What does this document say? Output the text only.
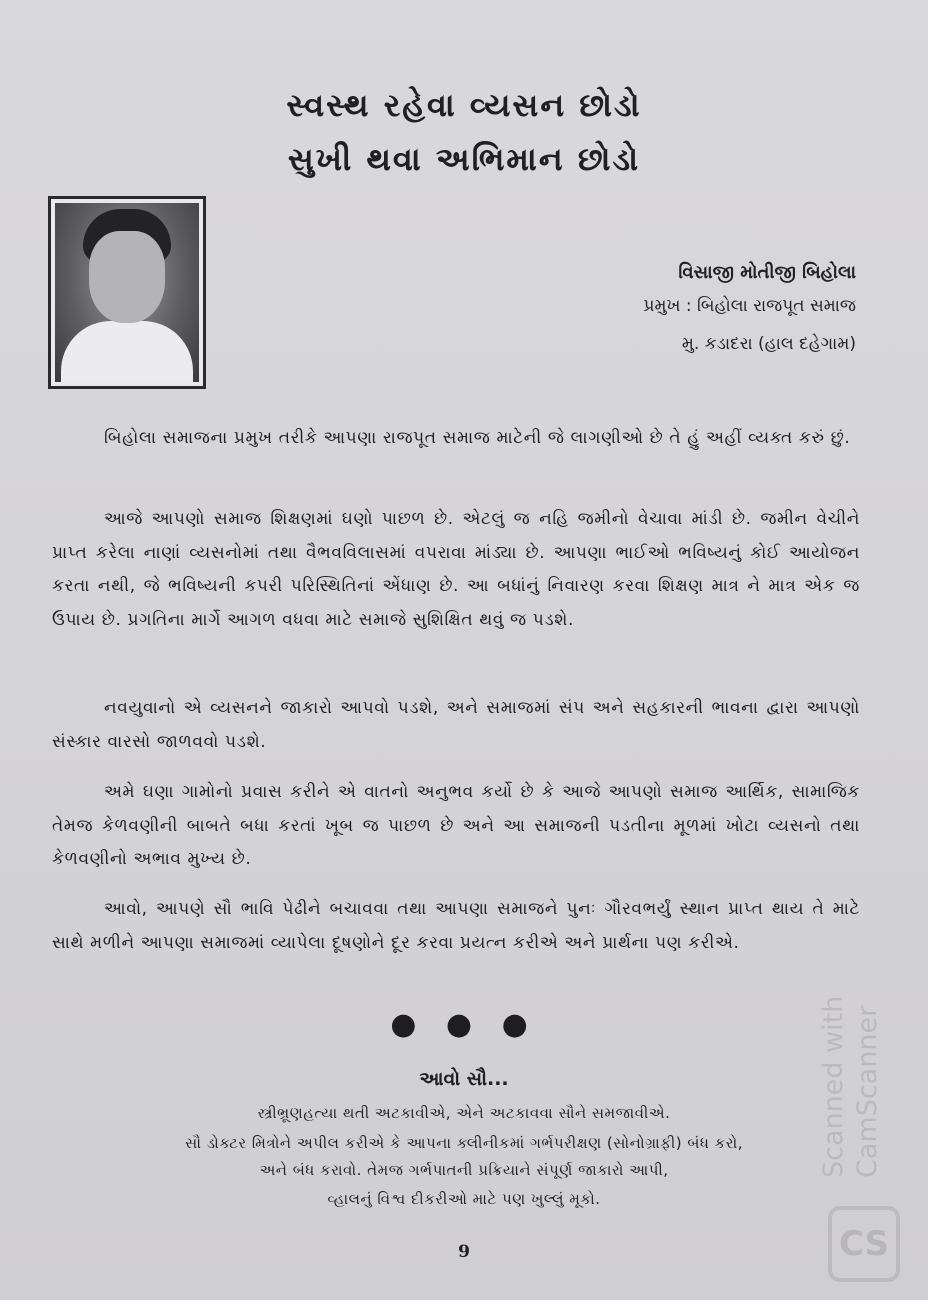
સ્વસ્થ રહેવા વ્યસન છોડો
સુખી થવા અભિમાન છોડો
વિસાજી મોતીજી બિહોલા
પ્રમુખ : બિહોલા રાજપૂત સમાજ
મુ. કડાદરા (હાલ દહેગામ)

બિહોલા સમાજના પ્રમુખ તરીકે આપણા રાજપૂત સમાજ માટેની જે લાગણીઓ છે તે હું અહીં વ્યક્ત કરું છું.

આજે આપણો સમાજ શિક્ષણમાં ઘણો પાછળ છે. એટલું જ નહિ જમીનો વેચાવા માંડી છે. જમીન વેચીને પ્રાપ્ત કરેલા નાણાં વ્યસનોમાં તથા વૈભવવિલાસમાં વપરાવા માંડ્યા છે. આપણા ભાઈઓ ભવિષ્યનું કોઈ આયોજન કરતા નથી, જે ભવિષ્યની કપરી પરિસ્થિતિનાં એંધાણ છે. આ બધાંનું નિવારણ કરવા શિક્ષણ માત્ર ને માત્ર એક જ ઉપાય છે. પ્રગતિના માર્ગે આગળ વધવા માટે સમાજે સુશિક્ષિત થવું જ પડશે.

નવયુવાનો એ વ્યસનને જાકારો આપવો પડશે, અને સમાજમાં સંપ અને સહકારની ભાવના દ્વારા આપણો સંસ્કાર વારસો જાળવવો પડશે.

અમે ઘણા ગામોનો પ્રવાસ કરીને એ વાતનો અનુભવ કર્યો છે કે આજે આપણો સમાજ આર્થિક, સામાજિક તેમજ કેળવણીની બાબતે બધા કરતાં ખૂબ જ પાછળ છે અને આ સમાજની પડતીના મૂળમાં ખોટા વ્યસનો તથા કેળવણીનો અભાવ મુખ્ય છે.

આવો, આપણે સૌ ભાવિ પેઢીને બચાવવા તથા આપણા સમાજને પુનઃ ગૌરવભર્યું સ્થાન પ્રાપ્ત થાય તે માટે સાથે મળીને આપણા સમાજમાં વ્યાપેલા દૂષણોને દૂર કરવા પ્રયત્ન કરીએ અને પ્રાર્થના પણ કરીએ.

● ● ●
આવો સૌ...
સ્ત્રીભ્રૂણહત્યા થતી અટકાવીએ, એને અટકાવવા સૌને સમજાવીએ.
સૌ ડોક્ટર મિત્રોને અપીલ કરીએ કે આપના ક્લીનીકમાં ગર્ભપરીક્ષણ (સોનોગ્રાફી) બંધ કરો,
અને બંધ કરાવો. તેમજ ગર્ભપાતની પ્રક્રિયાને સંપૂર્ણ જાકારો આપી,
વ્હાલનું વિશ્વ દીકરીઓ માટે પણ ખુલ્લું મૂકો.
9
Scanned with CamScanner
CS
